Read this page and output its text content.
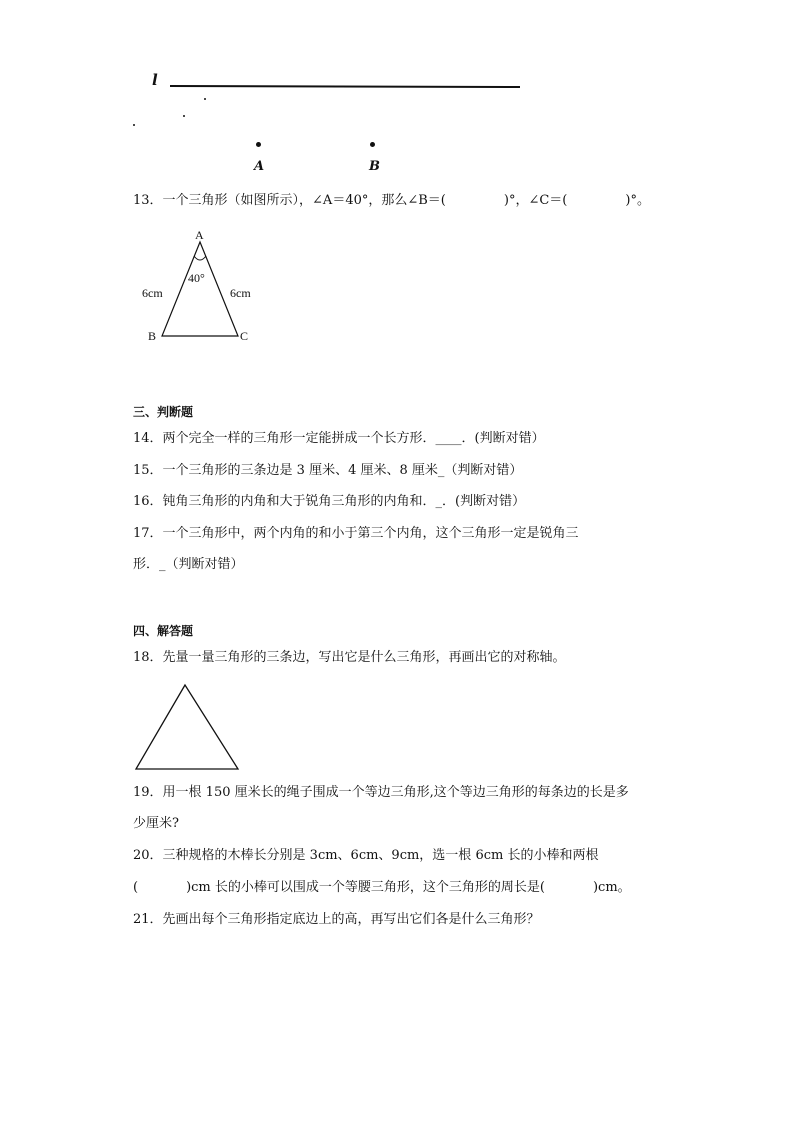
l
A	B
13．一个三角形（如图所示），∠A＝40°，那么∠B＝(	)°，∠C＝(	)°。
A
40°
6cm	6cm
B	C
三、判断题
14．两个完全一样的三角形一定能拼成一个长方形．____．(判断对错）
15．一个三角形的三条边是 3 厘米、4 厘米、8 厘米_（判断对错）
16．钝角三角形的内角和大于锐角三角形的内角和．_．(判断对错）
17．一个三角形中，两个内角的和小于第三个内角，这个三角形一定是锐角三
形．_（判断对错）
四、解答题
18．先量一量三角形的三条边，写出它是什么三角形，再画出它的对称轴。
19．用一根 150 厘米长的绳子围成一个等边三角形,这个等边三角形的每条边的长是多
少厘米?
20．三种规格的木棒长分别是 3cm、6cm、9cm，选一根 6cm 长的小棒和两根
(	)cm 长的小棒可以围成一个等腰三角形，这个三角形的周长是(	)cm。
21．先画出每个三角形指定底边上的高，再写出它们各是什么三角形？
